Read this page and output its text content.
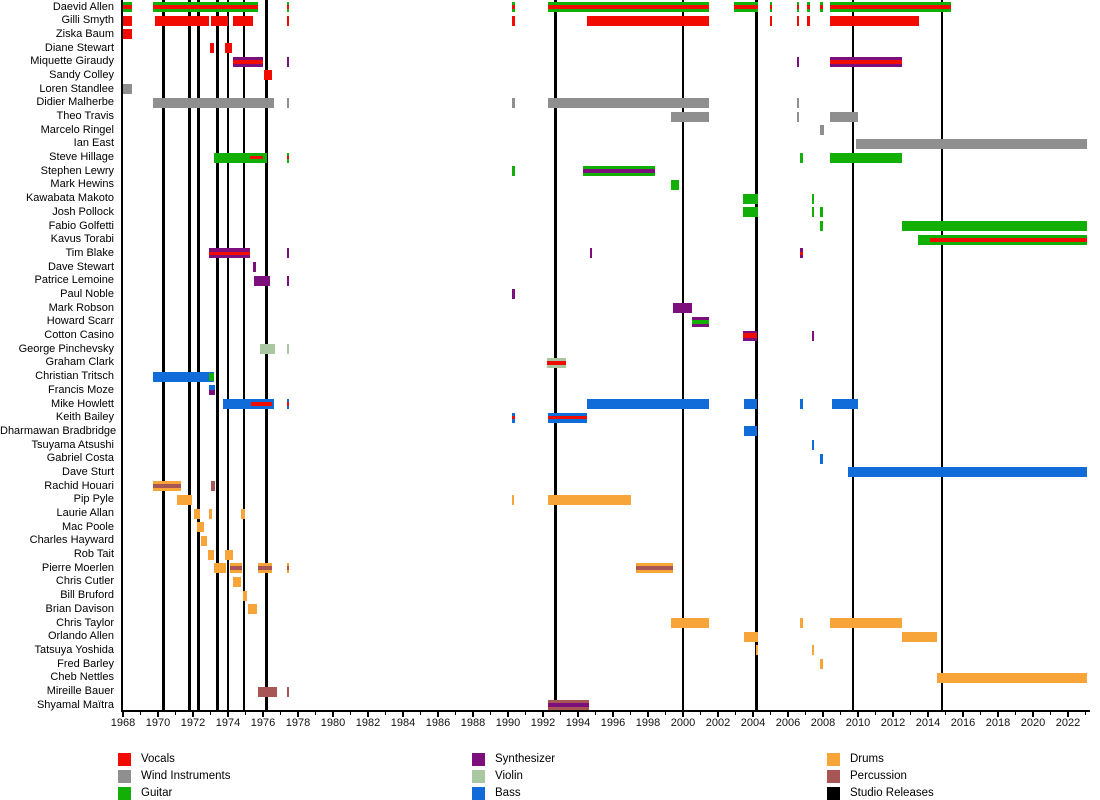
Daevid Allen
Gilli Smyth
Ziska Baum
Diane Stewart
Miquette Giraudy
Sandy Colley
Loren Standlee
Didier Malherbe
Theo Travis
Marcelo Ringel
Ian East
Steve Hillage
Stephen Lewry
Mark Hewins
Kawabata Makoto
Josh Pollock
Fabio Golfetti
Kavus Torabi
Tim Blake
Dave Stewart
Patrice Lemoine
Paul Noble
Mark Robson
Howard Scarr
Cotton Casino
George Pinchevsky
Graham Clark
Christian Tritsch
Francis Moze
Mike Howlett
Keith Bailey
Dharmawan Bradbridge
Tsuyama Atsushi
Gabriel Costa
Dave Sturt
Rachid Houari
Pip Pyle
Laurie Allan
Mac Poole
Charles Hayward
Rob Tait
Pierre Moerlen
Chris Cutler
Bill Bruford
Brian Davison
Chris Taylor
Orlando Allen
Tatsuya Yoshida
Fred Barley
Cheb Nettles
Mireille Bauer
Shyamal Maïtra
1968 1970 1972 1974 1976 1978 1980 1982 1984 1986 1988 1990 1992 1994 1996 1998 2000 2002 2004 2006 2008 2010 2012 2014 2016 2018 2020 2022
Vocals
Wind Instruments
Guitar
Synthesizer
Violin
Bass
Drums
Percussion
Studio Releases
